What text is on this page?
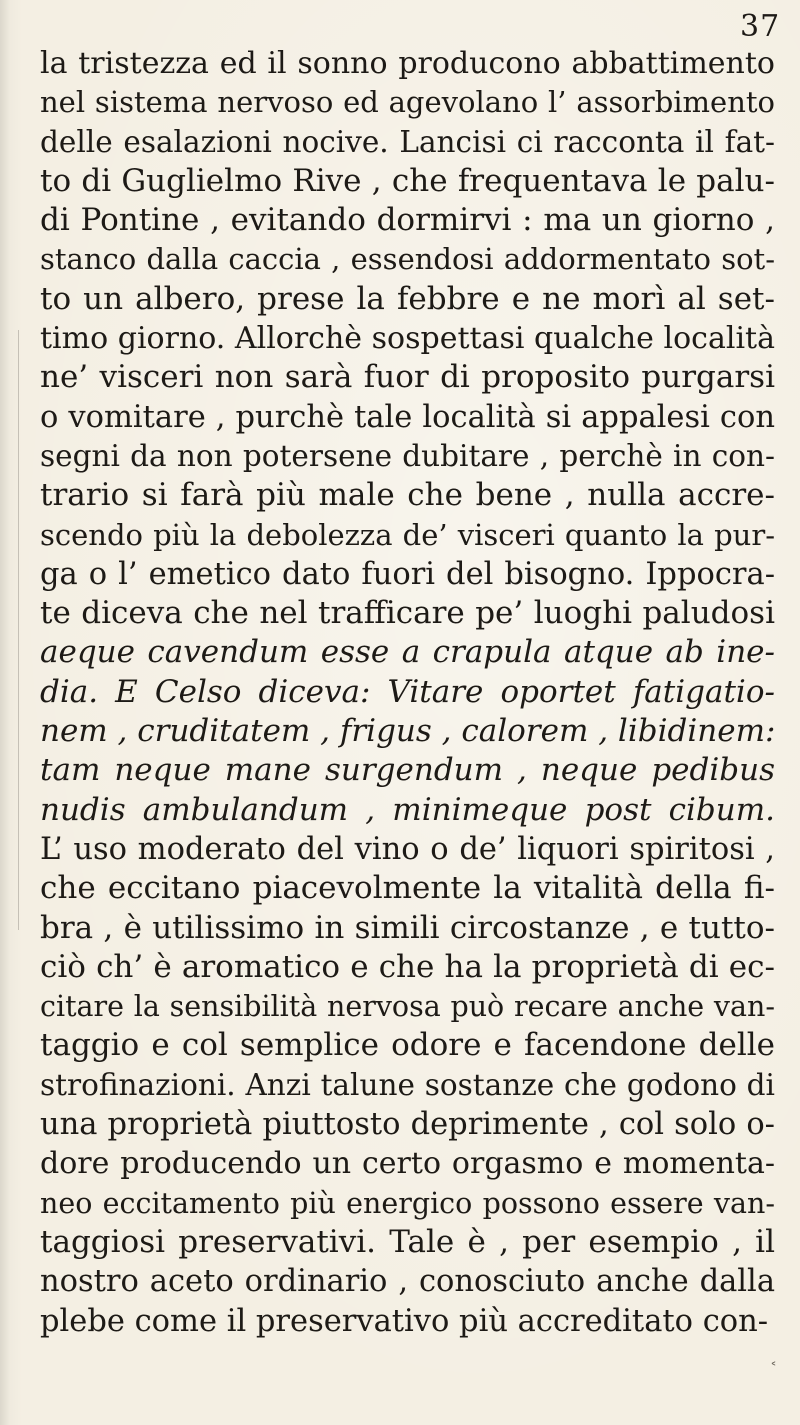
37
la tristezza ed il sonno producono abbattimento
nel sistema nervoso ed agevolano l’ assorbimento
delle esalazioni nocive. Lancisi ci racconta il fat-
to di Guglielmo Rive , che frequentava le palu-
di Pontine , evitando dormirvi : ma un giorno ,
stanco dalla caccia , essendosi addormentato sot-
to un albero, prese la febbre e ne morì al set-
timo giorno. Allorchè sospettasi qualche località
ne’ visceri non sarà fuor di proposito purgarsi
o vomitare , purchè tale località si appalesi con
segni da non potersene dubitare , perchè in con-
trario si farà più male che bene , nulla accre-
scendo più la debolezza de’ visceri quanto la pur-
ga o l’ emetico dato fuori del bisogno. Ippocra-
te diceva che nel trafficare pe’ luoghi paludosi
aeque cavendum esse a crapula atque ab ine-
dia. E Celso diceva: Vitare oportet fatigatio-
nem , cruditatem , frigus , calorem , libidinem:
tam neque mane surgendum , neque pedibus
nudis ambulandum , minimeque post cibum.
L’ uso moderato del vino o de’ liquori spiritosi ,
che eccitano piacevolmente la vitalità della fi-
bra , è utilissimo in simili circostanze , e tutto-
ciò ch’ è aromatico e che ha la proprietà di ec-
citare la sensibilità nervosa può recare anche van-
taggio e col semplice odore e facendone delle
strofinazioni. Anzi talune sostanze che godono di
una proprietà piuttosto deprimente , col solo o-
dore producendo un certo orgasmo e momenta-
neo eccitamento più energico possono essere van-
taggiosi preservativi. Tale è , per esempio , il
nostro aceto ordinario , conosciuto anche dalla
plebe come il preservativo più accreditato con-
˂
